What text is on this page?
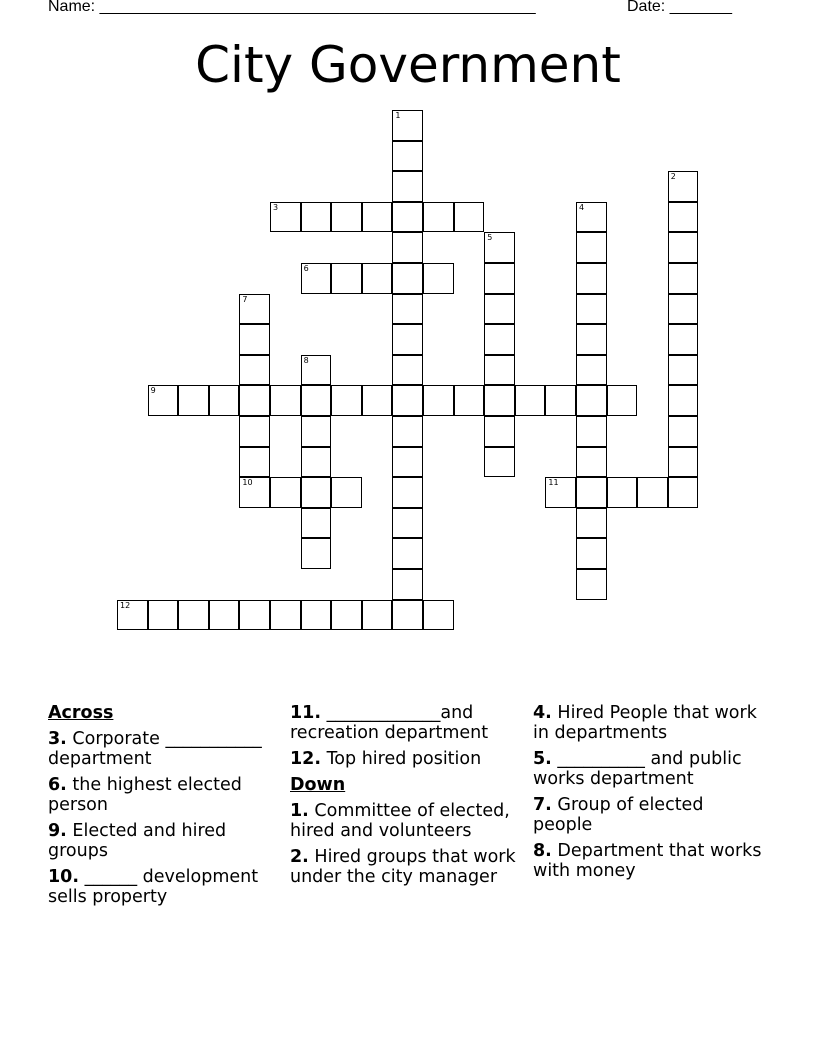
Name: _________________________________________________	Date: _______
City Government
1
2
3	4
5
6
7
10
8
9
11
12
Across
3. Corporate ___________ department
6. the highest elected person
9. Elected and hired groups
10. ______ development sells property
11. _____________and recreation department
12. Top hired position
Down
1. Committee of elected, hired and volunteers
2. Hired groups that work under the city manager
4. Hired People that work in departments
5. __________ and public works department
7. Group of elected people
8. Department that works with money
